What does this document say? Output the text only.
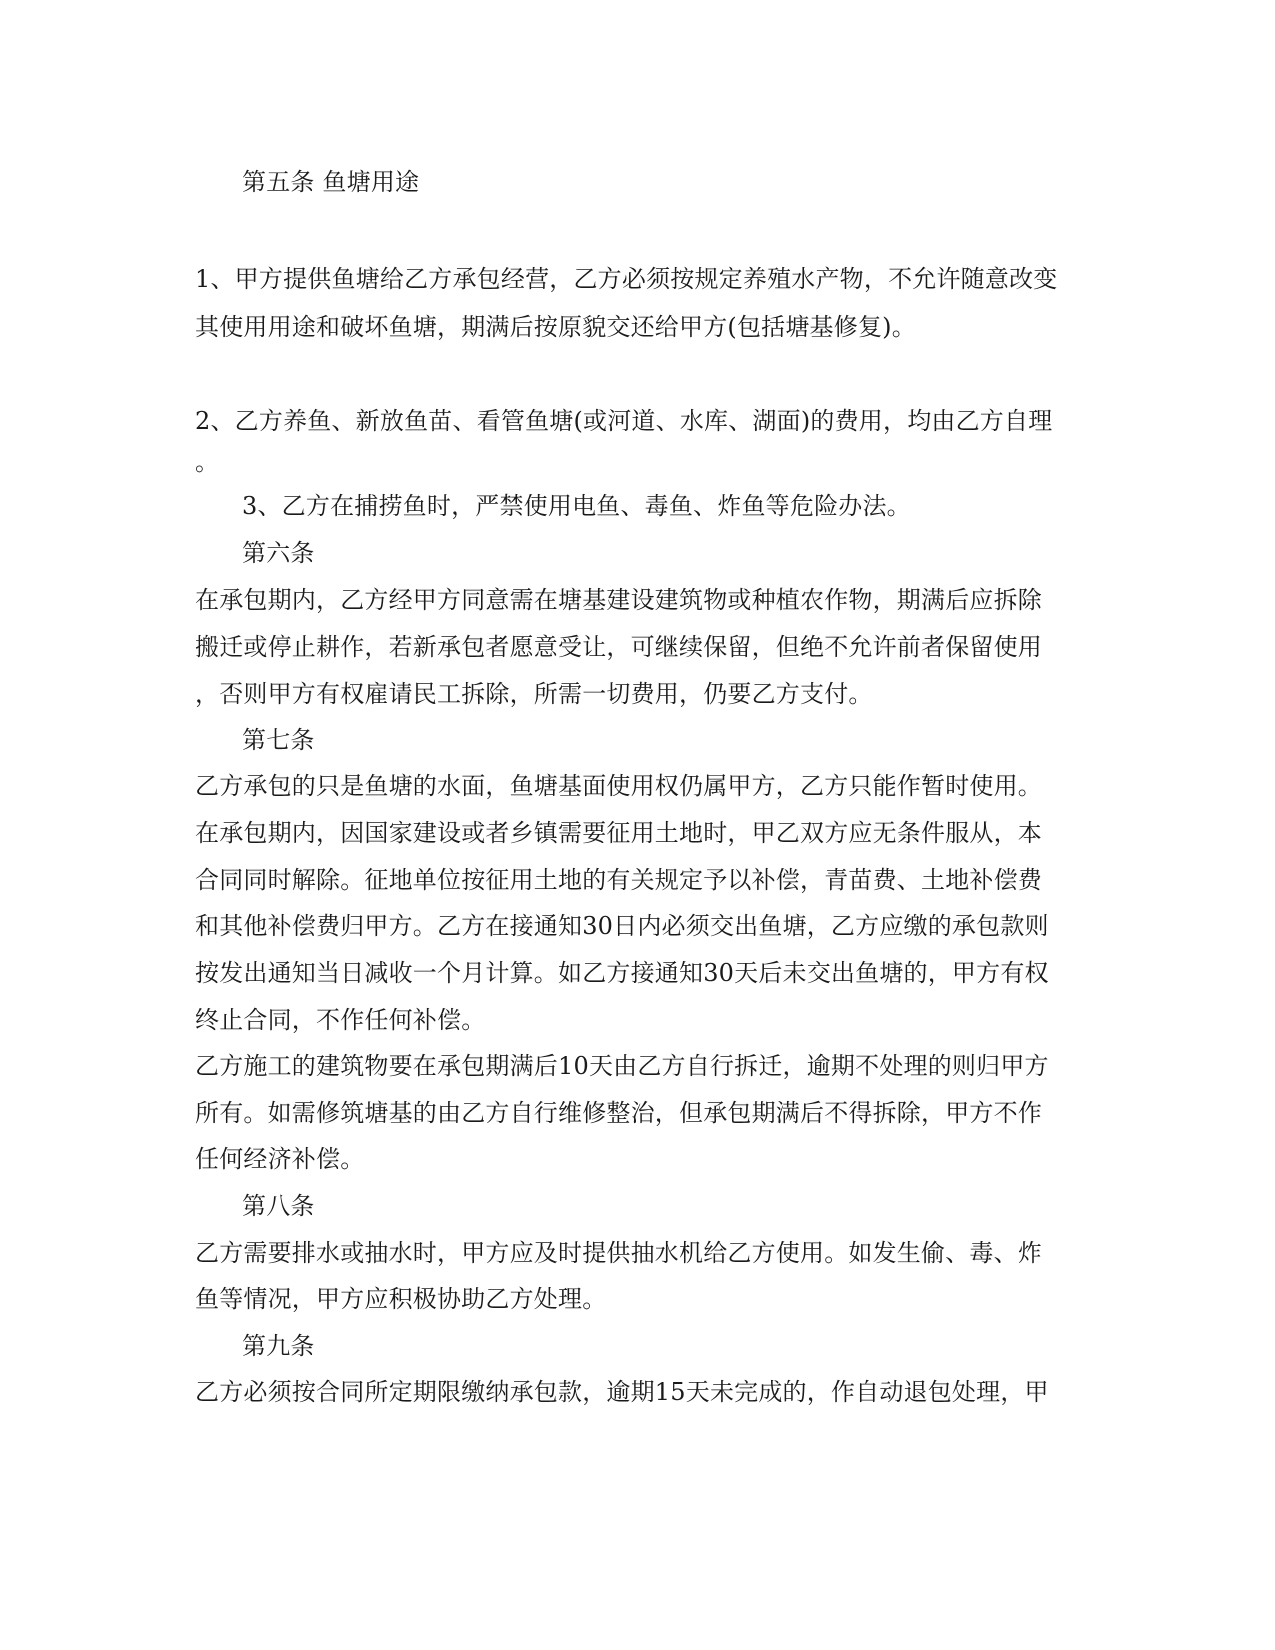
第五条 鱼塘用途
1、甲方提供鱼塘给乙方承包经营，乙方必须按规定养殖水产物，不允许随意改变
其使用用途和破坏鱼塘，期满后按原貌交还给甲方(包括塘基修复)。
2、乙方养鱼、新放鱼苗、看管鱼塘(或河道、水库、湖面)的费用，均由乙方自理
。
3、乙方在捕捞鱼时，严禁使用电鱼、毒鱼、炸鱼等危险办法。
第六条
在承包期内，乙方经甲方同意需在塘基建设建筑物或种植农作物，期满后应拆除
搬迁或停止耕作，若新承包者愿意受让，可继续保留，但绝不允许前者保留使用
，否则甲方有权雇请民工拆除，所需一切费用，仍要乙方支付。
第七条
乙方承包的只是鱼塘的水面，鱼塘基面使用权仍属甲方，乙方只能作暂时使用。
在承包期内，因国家建设或者乡镇需要征用土地时，甲乙双方应无条件服从，本
合同同时解除。征地单位按征用土地的有关规定予以补偿，青苗费、土地补偿费
和其他补偿费归甲方。乙方在接通知30日内必须交出鱼塘，乙方应缴的承包款则
按发出通知当日减收一个月计算。如乙方接通知30天后未交出鱼塘的，甲方有权
终止合同，不作任何补偿。
乙方施工的建筑物要在承包期满后10天由乙方自行拆迁，逾期不处理的则归甲方
所有。如需修筑塘基的由乙方自行维修整治，但承包期满后不得拆除，甲方不作
任何经济补偿。
第八条
乙方需要排水或抽水时，甲方应及时提供抽水机给乙方使用。如发生偷、毒、炸
鱼等情况，甲方应积极协助乙方处理。
第九条
乙方必须按合同所定期限缴纳承包款，逾期15天未完成的，作自动退包处理，甲
